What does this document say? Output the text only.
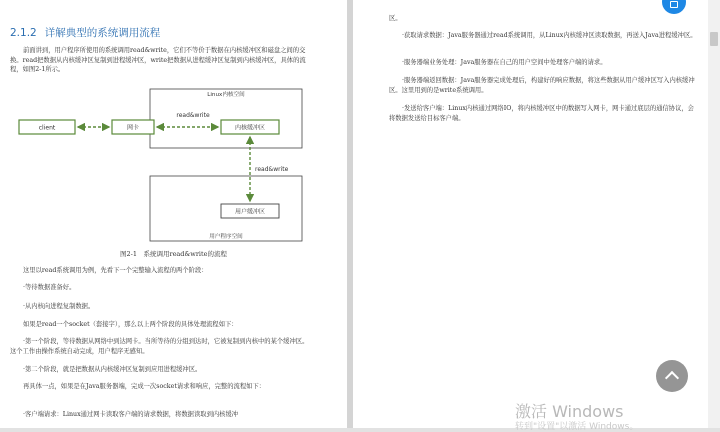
2.1.2 详解典型的系统调用流程

前面讲到，用户程序所使用的系统调用read&write，它们不等价于数据在内核缓冲区和磁盘之间的交换。read把数据从内核缓冲区复制到进程缓冲区，write把数据从进程缓冲区复制到内核缓冲区，具体的流程，如图2-1所示。

Linux内核空间
用户程序空间
client	网卡	内核缓冲区
用户缓冲区
read&write
read&write
图2-1　系统调用read&write的流程

这里以read系统调用为例，先看下一个完整输入流程的两个阶段：

·等待数据准备好。

·从内核向进程复制数据。

如果是read一个socket（套接字），那么以上两个阶段的具体处理流程如下：

·第一个阶段，等待数据从网络中到达网卡。当所等待的分组到达时，它被复制到内核中的某个缓冲区。这个工作由操作系统自动完成，用户程序无感知。

·第二个阶段，就是把数据从内核缓冲区复制到应用进程缓冲区。

再具体一点，如果是在Java服务器端，完成一次socket请求和响应，完整的流程如下：

·客户端请求：Linux通过网卡读取客户端的请求数据，将数据读取到内核缓冲

区。

·获取请求数据：Java服务器通过read系统调用，从Linux内核缓冲区读取数据，再送入Java进程缓冲区。

·服务器端业务处理：Java服务器在自己的用户空间中处理客户端的请求。

·服务器端返回数据：Java服务器完成处理后，构建好的响应数据，将这些数据从用户缓冲区写入内核缓冲区。这里用到的是write系统调用。

·发送给客户端：Linux内核通过网络IO，将内核缓冲区中的数据写入网卡，网卡通过底层的通信协议，会将数据发送给目标客户端。

激活 Windows
转到"设置"以激活 Windows。
